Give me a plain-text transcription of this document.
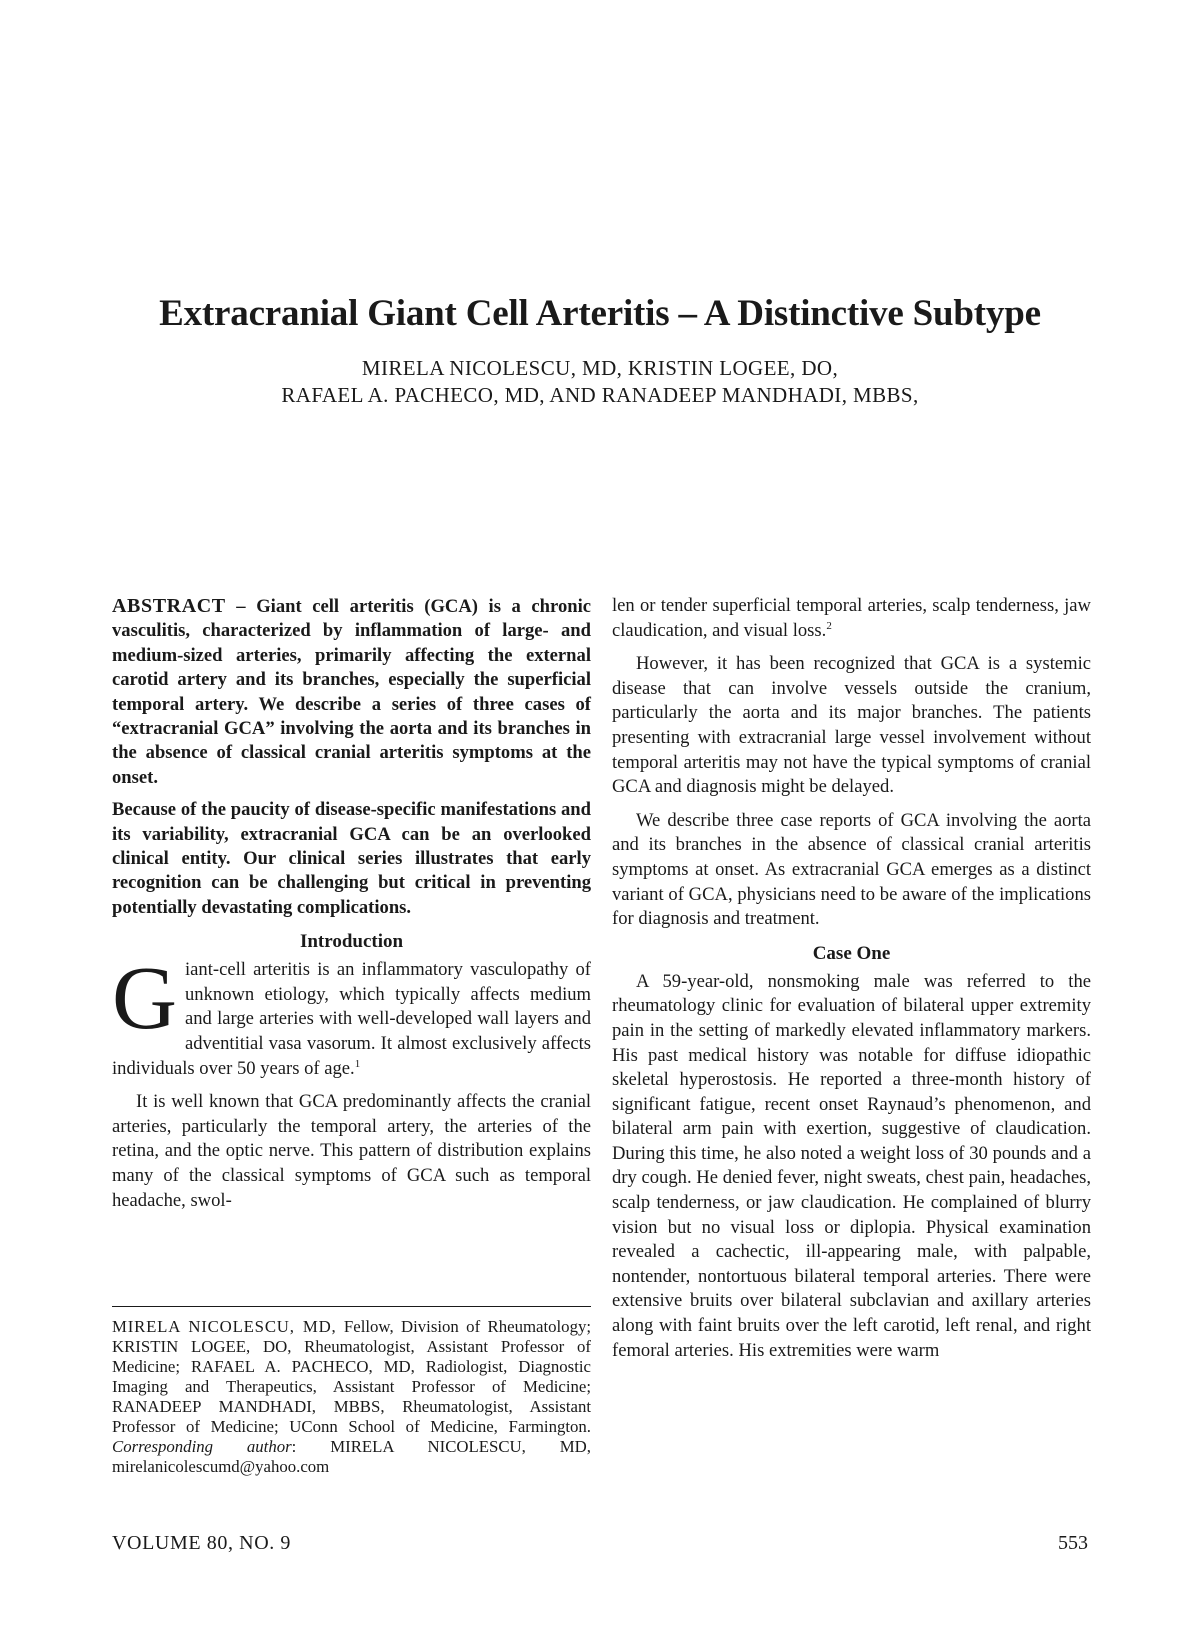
Extracranial Giant Cell Arteritis – A Distinctive Subtype
MIRELA NICOLESCU, MD, KRISTIN LOGEE, DO,
RAFAEL A. PACHECO, MD, AND RANADEEP MANDHADI, MBBS,

ABSTRACT – Giant cell arteritis (GCA) is a chronic vasculitis, characterized by inflammation of large- and medium-sized arteries, primarily affecting the external carotid artery and its branches, especially the superficial temporal artery. We describe a series of three cases of “extracranial GCA” involving the aorta and its branches in the absence of classical cranial arteritis symptoms at the onset.

Because of the paucity of disease-specific manifestations and its variability, extracranial GCA can be an overlooked clinical entity. Our clinical series illustrates that early recognition can be challenging but critical in preventing potentially devastating complications.

Introduction

Giant-cell arteritis is an inflammatory vasculopathy of unknown etiology, which typically affects medium and large arteries with well-developed wall layers and adventitial vasa vasorum. It almost exclusively affects individuals over 50 years of age.$^1$

It is well known that GCA predominantly affects the cranial arteries, particularly the temporal artery, the arteries of the retina, and the optic nerve. This pattern of distribution explains many of the classical symptoms of GCA such as temporal headache, swol-

len or tender superficial temporal arteries, scalp tenderness, jaw claudication, and visual loss.$^2$

However, it has been recognized that GCA is a systemic disease that can involve vessels outside the cranium, particularly the aorta and its major branches. The patients presenting with extracranial large vessel involvement without temporal arteritis may not have the typical symptoms of cranial GCA and diagnosis might be delayed.

We describe three case reports of GCA involving the aorta and its branches in the absence of classical cranial arteritis symptoms at onset. As extracranial GCA emerges as a distinct variant of GCA, physicians need to be aware of the implications for diagnosis and treatment.

Case One

A 59-year-old, nonsmoking male was referred to the rheumatology clinic for evaluation of bilateral upper extremity pain in the setting of markedly elevated inflammatory markers. His past medical history was notable for diffuse idiopathic skeletal hyperostosis. He reported a three-month history of significant fatigue, recent onset Raynaud’s phenomenon, and bilateral arm pain with exertion, suggestive of claudication. During this time, he also noted a weight loss of 30 pounds and a dry cough. He denied fever, night sweats, chest pain, headaches, scalp tenderness, or jaw claudication. He complained of blurry vision but no visual loss or diplopia. Physical examination revealed a cachectic, ill-appearing male, with palpable, nontender, nontortuous bilateral temporal arteries. There were extensive bruits over bilateral subclavian and axillary arteries along with faint bruits over the left carotid, left renal, and right femoral arteries. His extremities were warm

MIRELA NICOLESCU, MD, Fellow, Division of Rheumatology; KRISTIN LOGEE, DO, Rheumatologist, Assistant Professor of Medicine; RAFAEL A. PACHECO, MD, Radiologist, Diagnostic Imaging and Therapeutics, Assistant Professor of Medicine; RANADEEP MANDHADI, MBBS, Rheumatologist, Assistant Professor of Medicine; UConn School of Medicine, Farmington. Corresponding author: MIRELA NICOLESCU, MD, mirelanicolescumd@yahoo.com
VOLUME 80, NO. 9	553
